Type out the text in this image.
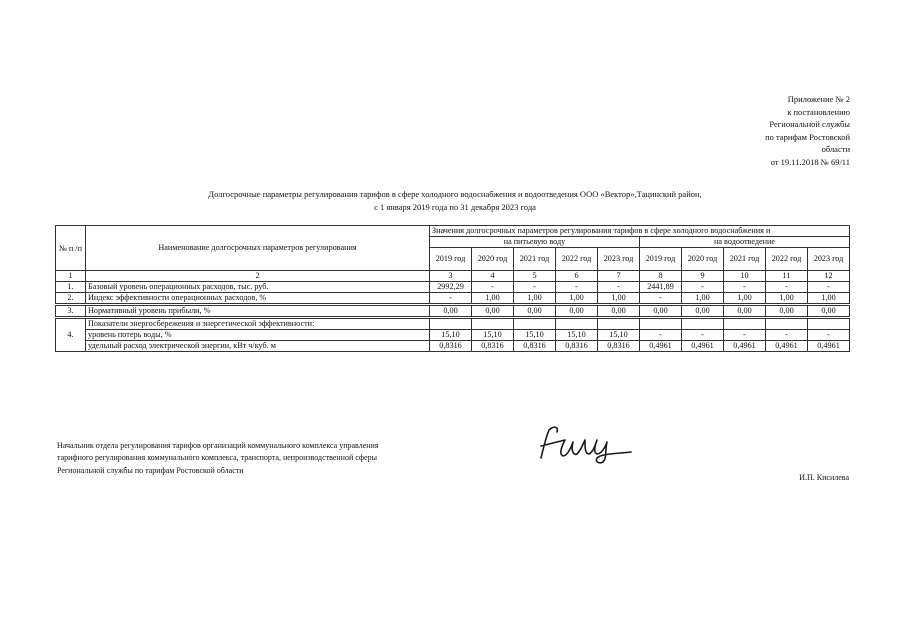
Приложение № 2
к постановлению
Региональной службы
по тарифам Ростовской
области
от 19.11.2018 № 69/11
Долгосрочные параметры регулирования тарифов в сфере холодного водоснабжения и водоотведения ООО «Вектор»,Тацинский район,
с 1 января 2019 года по 31 декабря 2023 года
№ п /п	Наименование долгосрочных параметров регулирования	Значения долгосрочных параметров регулирования тарифов в сфере холодного водоснабжения и									
		на питьевую воду					на водоотведение				
		2019 год	2020 год	2021 год	2022 год	2023 год	2019 год	2020 год	2021 год	2022 год	2023 год
1	2	3	4	5	6	7	8	9	10	11	12
1.	Базовый уровень операционных расходов, тыс. руб.	2992,29	-	-	-	-	2441,89	-	-	-	-
2.	Индекс эффективности операционных расходов, %	-	1,00	1,00	1,00	1,00	-	1,00	1,00	1,00	1,00
3.	Нормативный уровень прибыли, %	0,00	0,00	0,00	0,00	0,00	0,00	0,00	0,00	0,00	0,00
4.	Показатели энергосбережения и энергетической эффективности:										
	уровень потерь воды, %	15,10	15,10	15,10	15,10	15,10	-	-	-	-	-
	удельный расход электрической энергии, кВт ч/куб. м	0,8316	0,8316	0,8316	0,8316	0,8316	0,4961	0,4961	0,4961	0,4961	0,4961
Начальник отдела регулирования тарифов организаций коммунального комплекса управления
тарифного регулирования коммунального комплекса, транспорта, непроизводственной сферы
Региональной службы по тарифам Ростовской области
И.П. Кисилева
